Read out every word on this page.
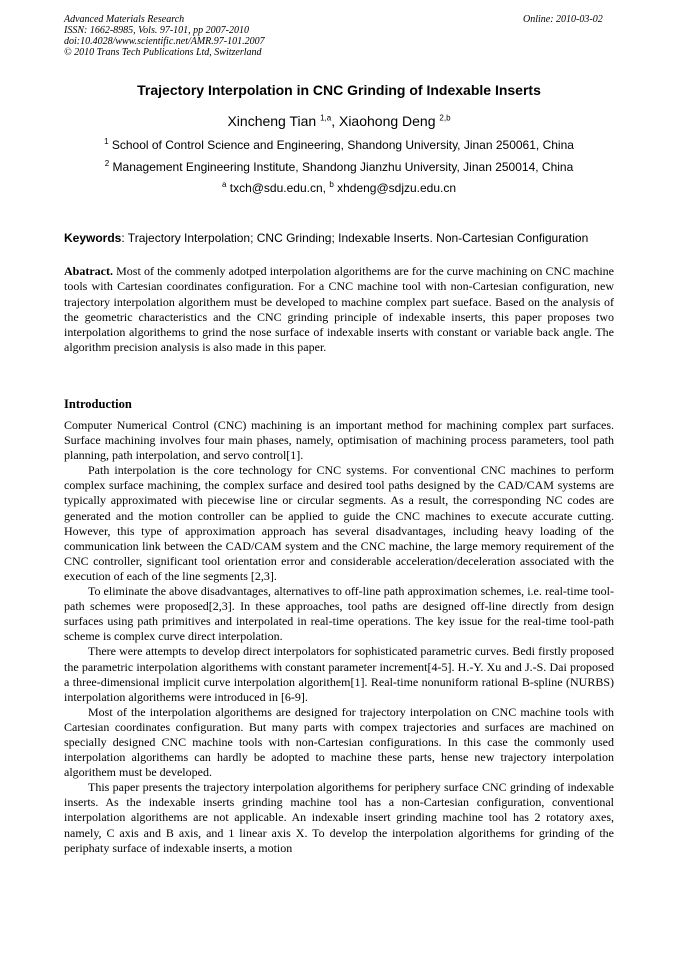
Advanced Materials Research
ISSN: 1662-8985, Vols. 97-101, pp 2007-2010
doi:10.4028/www.scientific.net/AMR.97-101.2007
© 2010 Trans Tech Publications Ltd, Switzerland
Online: 2010-03-02
Trajectory Interpolation in CNC Grinding of Indexable Inserts
Xincheng Tian $^{1,a}$, Xiaohong Deng $^{2,b}$
$^1$ School of Control Science and Engineering, Shandong University, Jinan 250061, China
$^2$ Management Engineering Institute, Shandong Jianzhu University, Jinan 250014, China
$^a$ txch@sdu.edu.cn, $^b$ xhdeng@sdjzu.edu.cn
Keywords: Trajectory Interpolation; CNC Grinding; Indexable Inserts. Non-Cartesian Configuration
Abatract. Most of the commenly adotped interpolation algorithems are for the curve machining on CNC machine tools with Cartesian coordinates configuration. For a CNC machine tool with non-Cartesian configuration, new trajectory interpolation algorithem must be developed to machine complex part sueface. Based on the analysis of the geometric characteristics and the CNC grinding principle of indexable inserts, this paper proposes two interpolation algorithems to grind the nose surface of indexable inserts with constant or variable back angle. The algorithm precision analysis is also made in this paper.
Introduction

Computer Numerical Control (CNC) machining is an important method for machining complex part surfaces. Surface machining involves four main phases, namely, optimisation of machining process parameters, tool path planning, path interpolation, and servo control[1].

Path interpolation is the core technology for CNC systems. For conventional CNC machines to perform complex surface machining, the complex surface and desired tool paths designed by the CAD/CAM systems are typically approximated with piecewise line or circular segments. As a result, the corresponding NC codes are generated and the motion controller can be applied to guide the CNC machines to execute accurate cutting. However, this type of approximation approach has several disadvantages, including heavy loading of the communication link between the CAD/CAM system and the CNC machine, the large memory requirement of the CNC controller, significant tool orientation error and considerable acceleration/deceleration associated with the execution of each of the line segments [2,3].

To eliminate the above disadvantages, alternatives to off-line path approximation schemes, i.e. real-time tool-path schemes were proposed[2,3]. In these approaches, tool paths are designed off-line directly from design surfaces using path primitives and interpolated in real-time operations. The key issue for the real-time tool-path scheme is complex curve direct interpolation.

There were attempts to develop direct interpolators for sophisticated parametric curves. Bedi firstly proposed the parametric interpolation algorithems with constant parameter increment[4-5]. H.-Y. Xu and J.-S. Dai proposed a three-dimensional implicit curve interpolation algorithem[1]. Real-time nonuniform rational B-spline (NURBS) interpolation algorithems were introduced in [6-9].

Most of the interpolation algorithems are designed for trajectory interpolation on CNC machine tools with Cartesian coordinates configuration. But many parts with compex trajectories and surfaces are machined on specially designed CNC machine tools with non-Cartesian configurations. In this case the commonly used interpolation algorithems can hardly be adopted to machine these parts, hense new trajectory interpolation algorithem must be developed.

This paper presents the trajectory interpolation algorithems for periphery surface CNC grinding of indexable inserts. As the indexable inserts grinding machine tool has a non-Cartesian configuration, conventional interpolation algorithems are not applicable. An indexable insert grinding machine tool has 2 rotatory axes, namely, C axis and B axis, and 1 linear axis X. To develop the interpolation algorithems for grinding of the periphaty surface of indexable inserts, a motion
